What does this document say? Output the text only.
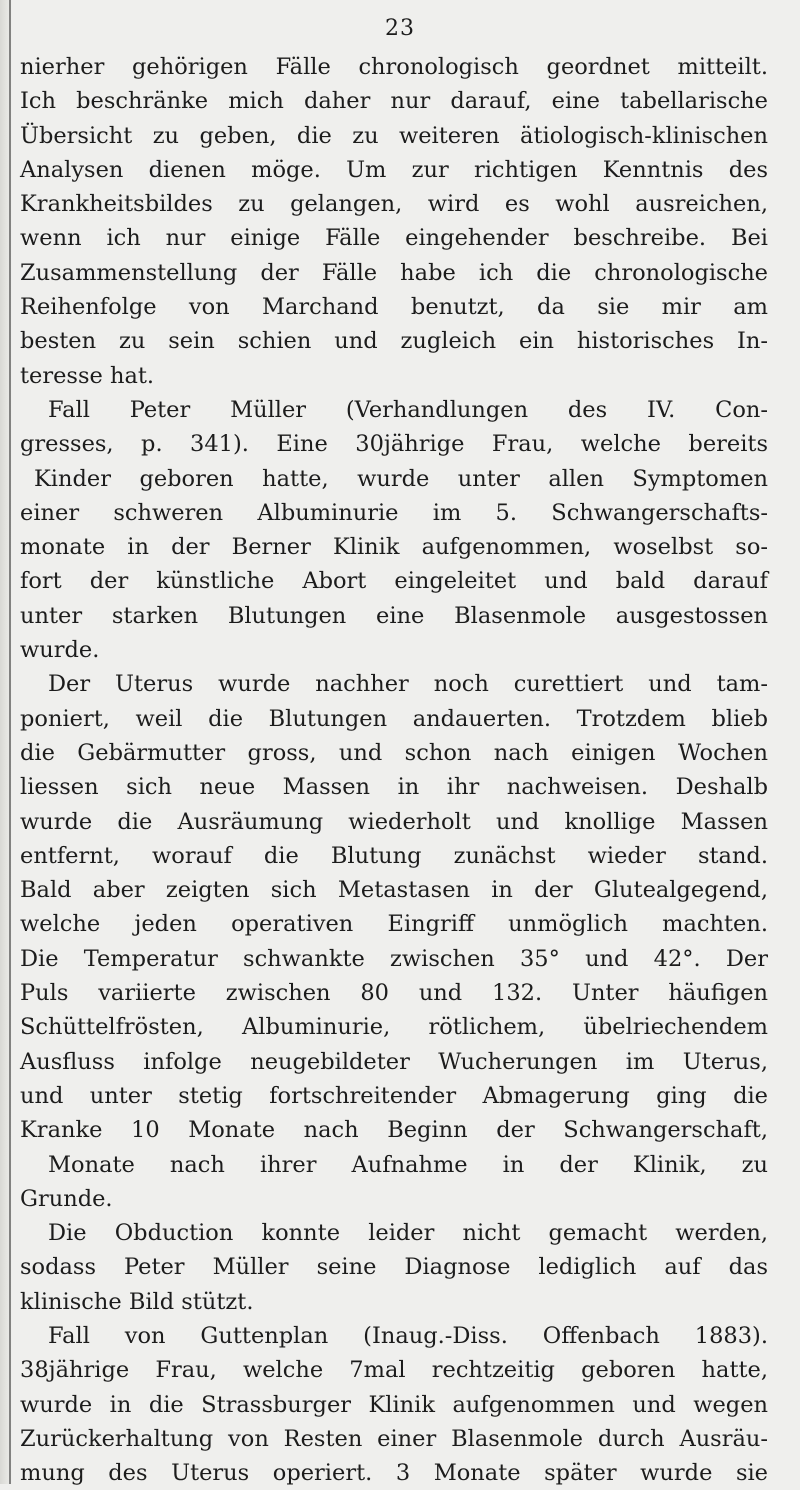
23
nierher gehörigen Fälle chronologisch geordnet mitteilt.
Ich beschränke mich daher nur darauf, eine tabellarische
Übersicht zu geben, die zu weiteren ätiologisch-klinischen
Analysen dienen möge. Um zur richtigen Kenntnis des
Krankheitsbildes zu gelangen, wird es wohl ausreichen,
wenn ich nur einige Fälle eingehender beschreibe. Bei
Zusammenstellung der Fälle habe ich die chronologische
Reihenfolge von Marchand benutzt, da sie mir am
besten zu sein schien und zugleich ein historisches In-
teresse hat.
Fall Peter Müller (Verhandlungen des IV. Con-
gresses, p. 341). Eine 30jährige Frau, welche bereits
Kinder geboren hatte, wurde unter allen Symptomen
einer schweren Albuminurie im 5. Schwangerschafts-
monate in der Berner Klinik aufgenommen, woselbst so-
fort der künstliche Abort eingeleitet und bald darauf
unter starken Blutungen eine Blasenmole ausgestossen
wurde.
Der Uterus wurde nachher noch curettiert und tam-
poniert, weil die Blutungen andauerten. Trotzdem blieb
die Gebärmutter gross, und schon nach einigen Wochen
liessen sich neue Massen in ihr nachweisen. Deshalb
wurde die Ausräumung wiederholt und knollige Massen
entfernt, worauf die Blutung zunächst wieder stand.
Bald aber zeigten sich Metastasen in der Glutealgegend,
welche jeden operativen Eingriff unmöglich machten.
Die Temperatur schwankte zwischen 35° und 42°. Der
Puls variierte zwischen 80 und 132. Unter häufigen
Schüttelfrösten, Albuminurie, rötlichem, übelriechendem
Ausfluss infolge neugebildeter Wucherungen im Uterus,
und unter stetig fortschreitender Abmagerung ging die
Kranke 10 Monate nach Beginn der Schwangerschaft,
Monate nach ihrer Aufnahme in der Klinik, zu
Grunde.
Die Obduction konnte leider nicht gemacht werden,
sodass Peter Müller seine Diagnose lediglich auf das
klinische Bild stützt.
Fall von Guttenplan (Inaug.-Diss. Offenbach 1883).
38jährige Frau, welche 7mal rechtzeitig geboren hatte,
wurde in die Strassburger Klinik aufgenommen und wegen
Zurückerhaltung von Resten einer Blasenmole durch Ausräu-
mung des Uterus operiert. 3 Monate später wurde sie
